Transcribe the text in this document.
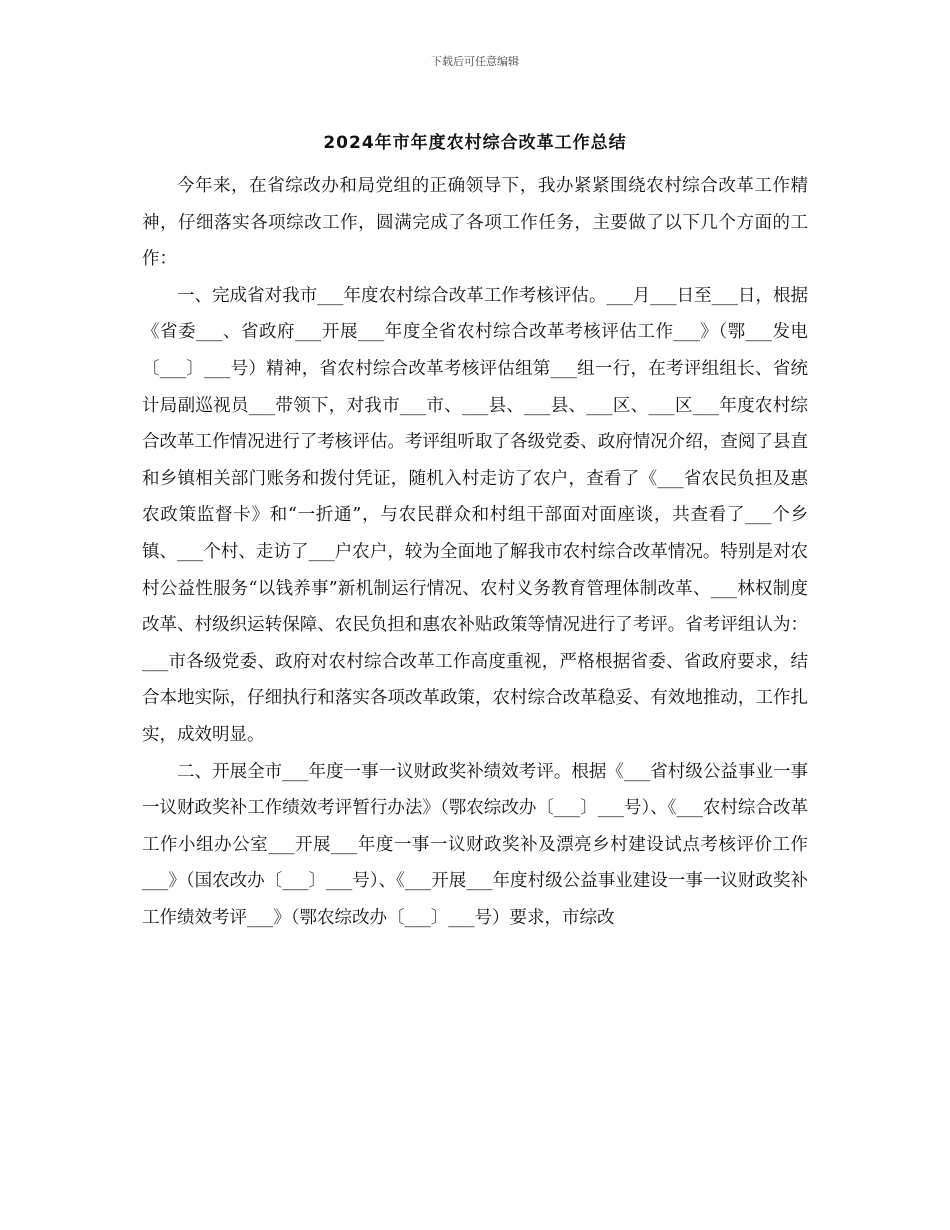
下载后可任意编辑
2024年市年度农村综合改革工作总结

今年来，在省综改办和局党组的正确领导下，我办紧紧围绕农村综合改革工作精神，仔细落实各项综改工作，圆满完成了各项工作任务，主要做了以下几个方面的工作：

一、完成省对我市___年度农村综合改革工作考核评估。___月___日至___日，根据《省委___、省政府___开展___年度全省农村综合改革考核评估工作___》（鄂___发电〔___〕___号）精神，省农村综合改革考核评估组第___组一行，在考评组组长、省统计局副巡视员___带领下，对我市___市、___县、___县、___区、___区___年度农村综合改革工作情况进行了考核评估。考评组听取了各级党委、政府情况介绍，查阅了县直和乡镇相关部门账务和拨付凭证，随机入村走访了农户，查看了《___省农民负担及惠农政策监督卡》和“一折通”，与农民群众和村组干部面对面座谈，共查看了___个乡镇、___个村、走访了___户农户，较为全面地了解我市农村综合改革情况。特别是对农村公益性服务“以钱养事”新机制运行情况、农村义务教育管理体制改革、___林权制度改革、村级织运转保障、农民负担和惠农补贴政策等情况进行了考评。省考评组认为：___市各级党委、政府对农村综合改革工作高度重视，严格根据省委、省政府要求，结合本地实际，仔细执行和落实各项改革政策，农村综合改革稳妥、有效地推动，工作扎实，成效明显。

二、开展全市___年度一事一议财政奖补绩效考评。根据《___省村级公益事业一事一议财政奖补工作绩效考评暂行办法》（鄂农综改办〔___〕___号）、《___农村综合改革工作小组办公室___开展___年度一事一议财政奖补及漂亮乡村建设试点考核评价工作___》（国农改办〔___〕___号）、《___开展___年度村级公益事业建设一事一议财政奖补工作绩效考评___》（鄂农综改办〔___〕___号）要求，市综改
